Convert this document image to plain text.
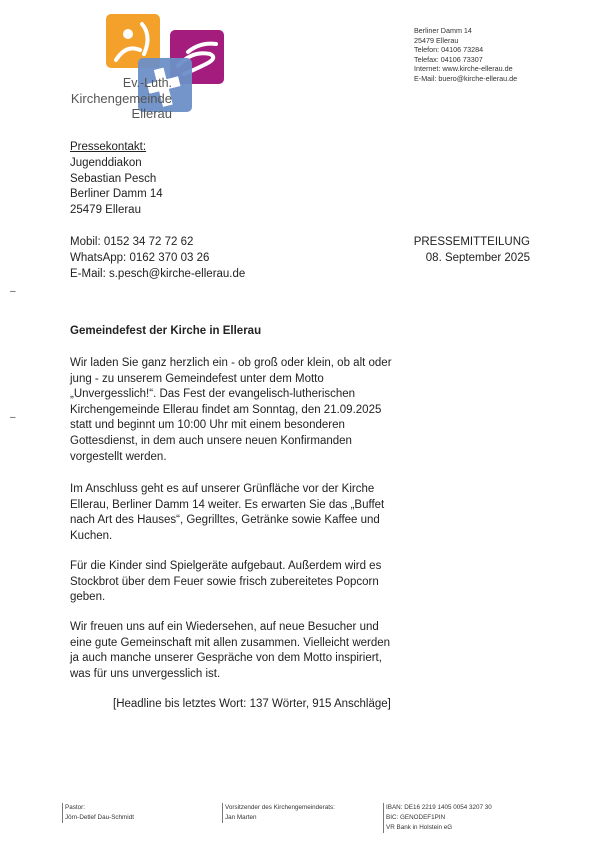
Ev.-Luth.
Kirchengemeinde
Ellerau
Berliner Damm 14
25479 Ellerau
Telefon: 04106 73284
Telefax: 04106 73307
Internet: www.kirche-ellerau.de
E-Mail: buero@kirche-ellerau.de
Pressekontakt:
Jugenddiakon
Sebastian Pesch
Berliner Damm 14
25479 Ellerau
Mobil: 0152 34 72 72 62
WhatsApp: 0162 370 03 26
E-Mail: s.pesch@kirche-ellerau.de
PRESSEMITTEILUNG
08. September 2025
–
–
Gemeindefest der Kirche in Ellerau
Wir laden Sie ganz herzlich ein - ob groß oder klein, ob alt oder
jung - zu unserem Gemeindefest unter dem Motto
„Unvergesslich!“. Das Fest der evangelisch-lutherischen
Kirchengemeinde Ellerau findet am Sonntag, den 21.09.2025
statt und beginnt um 10:00 Uhr mit einem besonderen
Gottesdienst, in dem auch unsere neuen Konfirmanden
vorgestellt werden.
Im Anschluss geht es auf unserer Grünfläche vor der Kirche
Ellerau, Berliner Damm 14 weiter. Es erwarten Sie das „Buffet
nach Art des Hauses“, Gegrilltes, Getränke sowie Kaffee und
Kuchen.
Für die Kinder sind Spielgeräte aufgebaut. Außerdem wird es
Stockbrot über dem Feuer sowie frisch zubereitetes Popcorn
geben.
Wir freuen uns auf ein Wiedersehen, auf neue Besucher und
eine gute Gemeinschaft mit allen zusammen. Vielleicht werden
ja auch manche unserer Gespräche von dem Motto inspiriert,
was für uns unvergesslich ist.
[Headline bis letztes Wort: 137 Wörter, 915 Anschläge]
Pastor:
Jörn-Detlef Dau-Schmidt
Vorsitzender des Kirchengemeinderats:
Jan Marten
IBAN: DE16 2219 1405 0054 3207 30
BIC: GENODEF1PIN
VR Bank in Holstein eG
